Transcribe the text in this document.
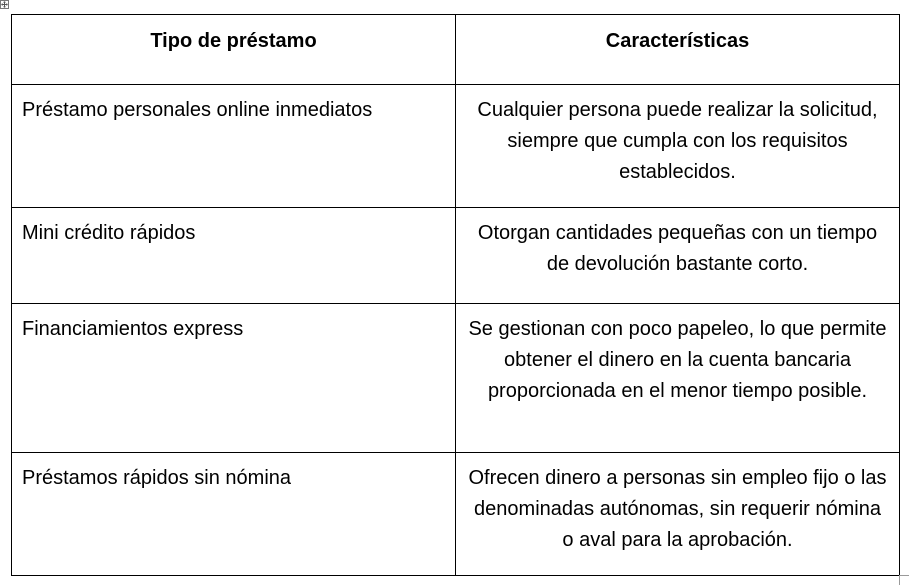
Tipo de préstamo	Características
Préstamo personales online inmediatos	Cualquier persona puede realizar la solicitud, siempre que cumpla con los requisitos establecidos.
Mini crédito rápidos	Otorgan cantidades pequeñas con un tiempo de devolución bastante corto.
Financiamientos express	Se gestionan con poco papeleo, lo que permite obtener el dinero en la cuenta bancaria proporcionada en el menor tiempo posible.
Préstamos rápidos sin nómina	Ofrecen dinero a personas sin empleo fijo o las denominadas autónomas, sin requerir nómina o aval para la aprobación.
